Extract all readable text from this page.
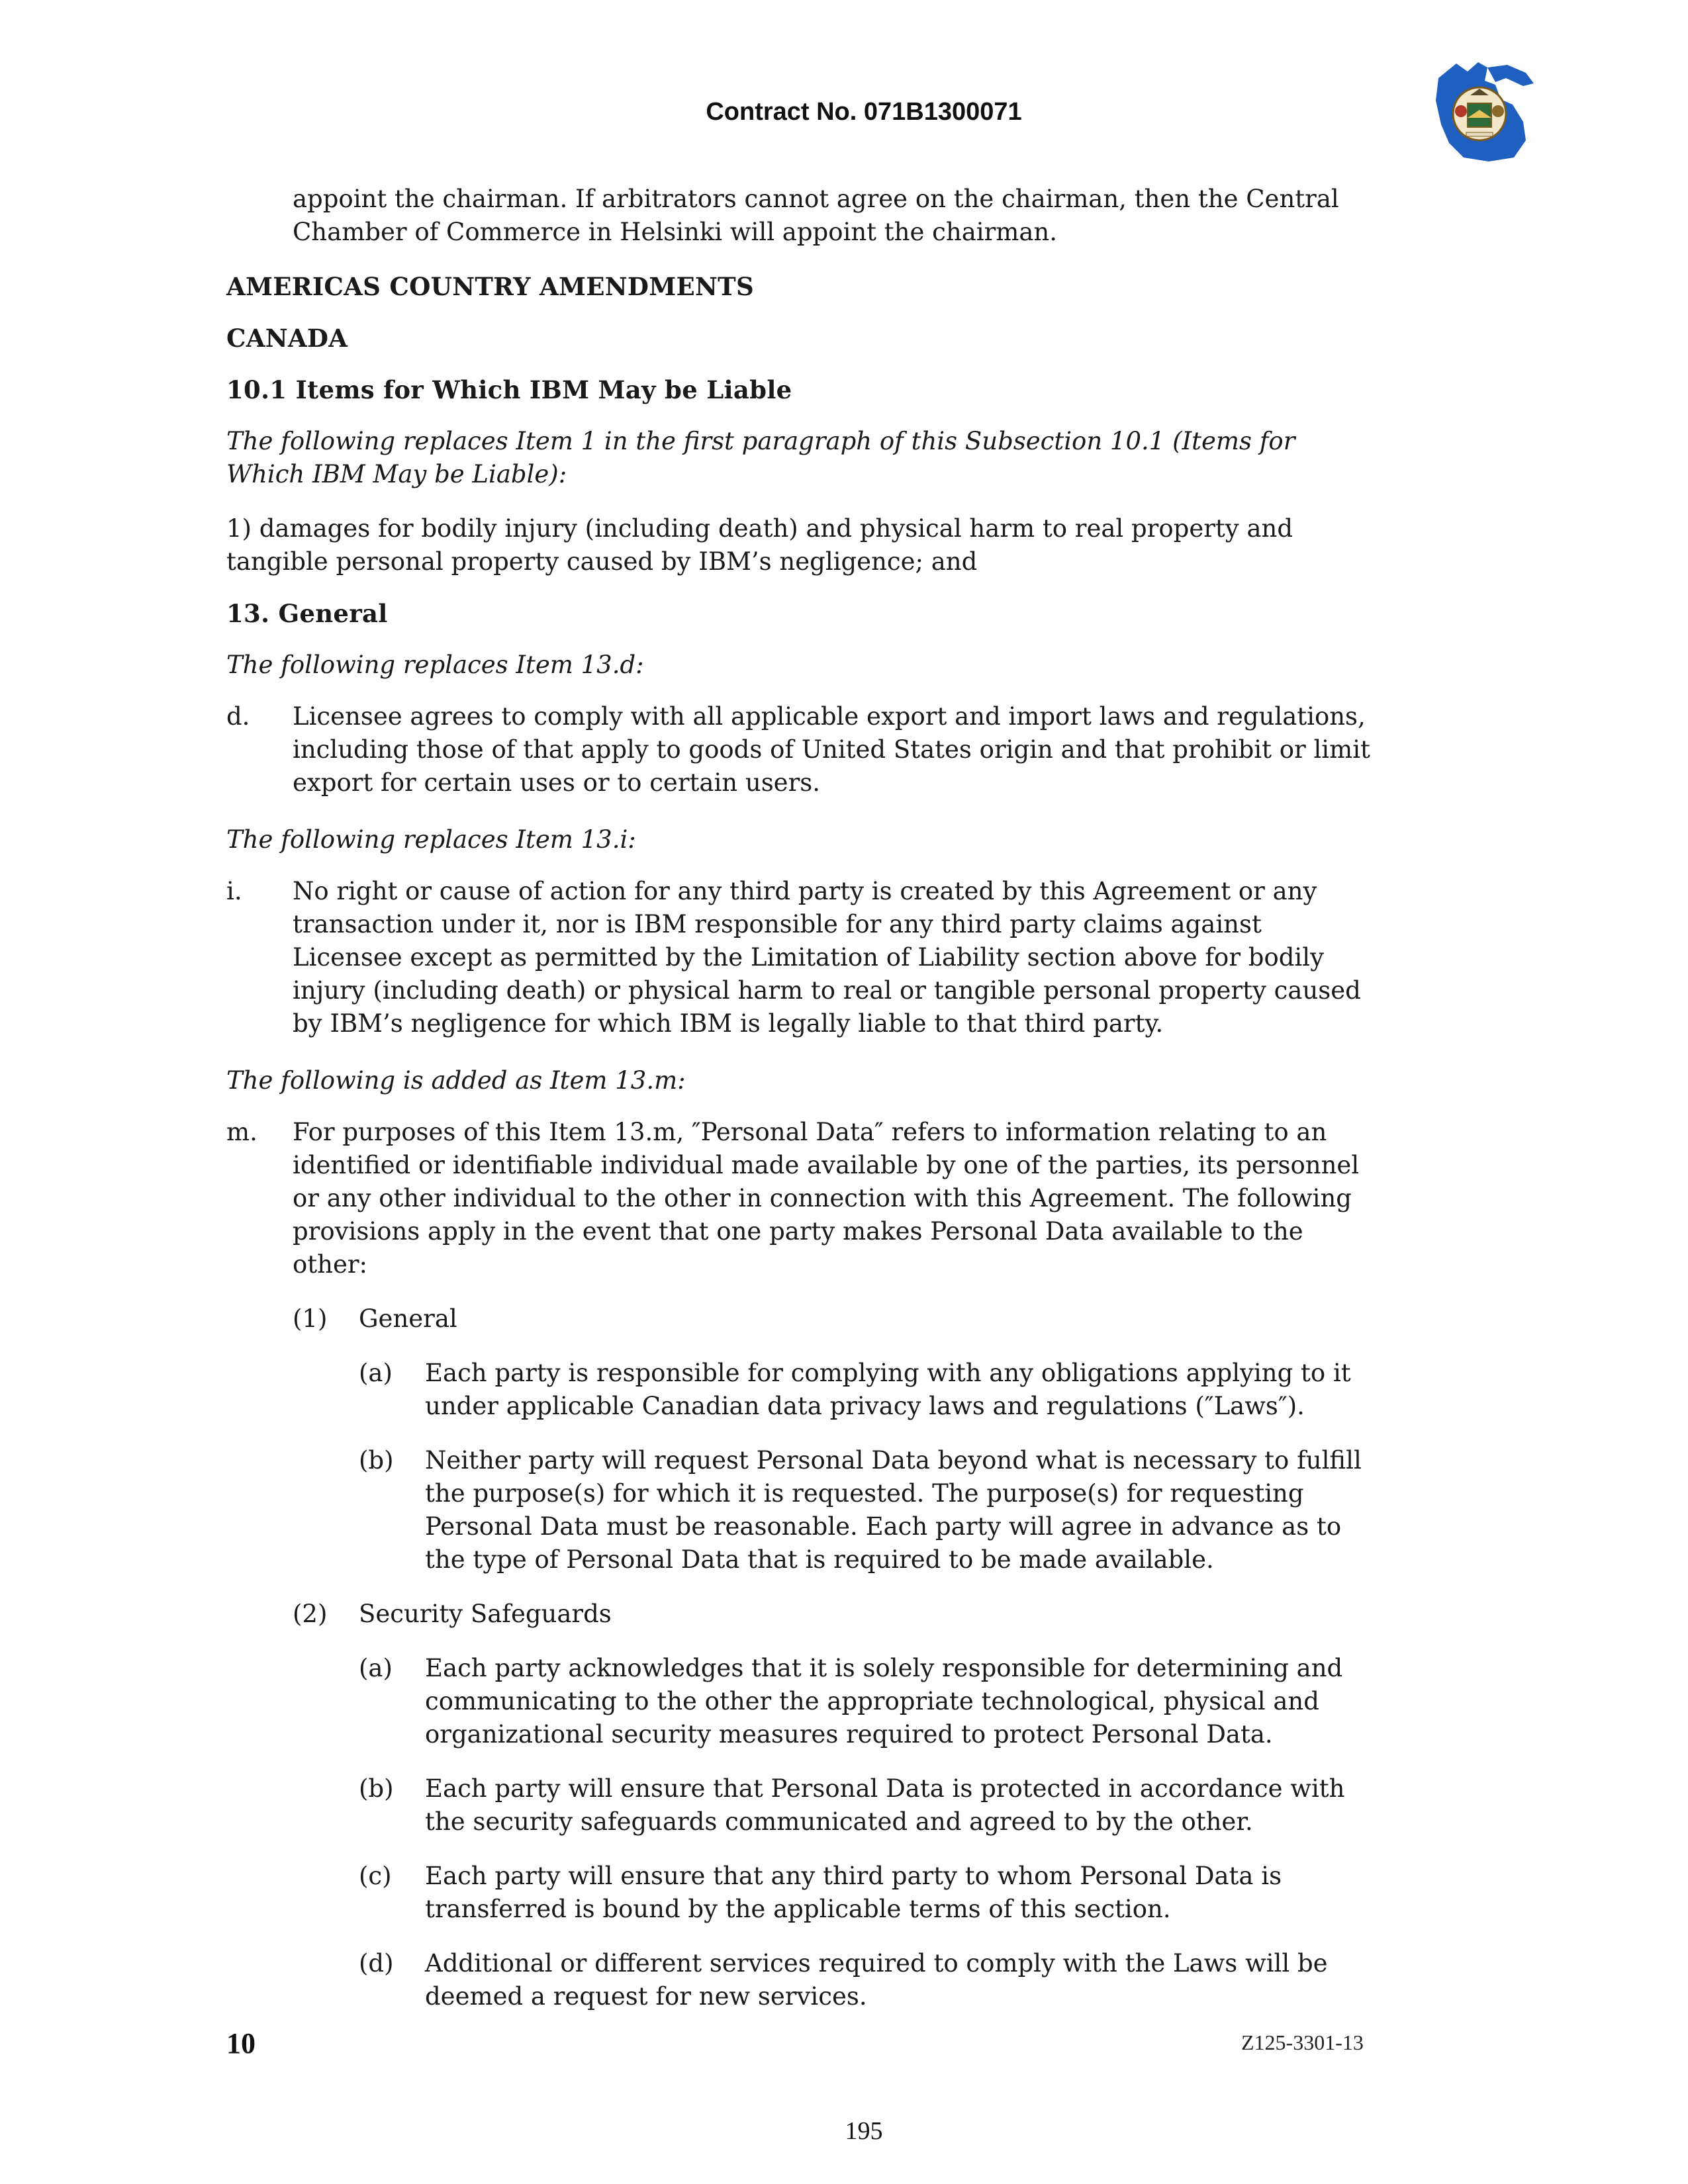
Contract No. 071B1300071

appoint the chairman. If arbitrators cannot agree on the chairman, then the Central Chamber of Commerce in Helsinki will appoint the chairman.

AMERICAS COUNTRY AMENDMENTS

CANADA

10.1 Items for Which IBM May be Liable

The following replaces Item 1 in the first paragraph of this Subsection 10.1 (Items for Which IBM May be Liable):

1) damages for bodily injury (including death) and physical harm to real property and tangible personal property caused by IBM’s negligence; and

13. General

The following replaces Item 13.d:

d. Licensee agrees to comply with all applicable export and import laws and regulations, including those of that apply to goods of United States origin and that prohibit or limit export for certain uses or to certain users.

The following replaces Item 13.i:

i. No right or cause of action for any third party is created by this Agreement or any transaction under it, nor is IBM responsible for any third party claims against Licensee except as permitted by the Limitation of Liability section above for bodily injury (including death) or physical harm to real or tangible personal property caused by IBM’s negligence for which IBM is legally liable to that third party.

The following is added as Item 13.m:

m. For purposes of this Item 13.m, ″Personal Data″ refers to information relating to an identified or identifiable individual made available by one of the parties, its personnel or any other individual to the other in connection with this Agreement. The following provisions apply in the event that one party makes Personal Data available to the other:
(1) General
(a) Each party is responsible for complying with any obligations applying to it under applicable Canadian data privacy laws and regulations (″Laws″).
(b) Neither party will request Personal Data beyond what is necessary to fulfill the purpose(s) for which it is requested. The purpose(s) for requesting Personal Data must be reasonable. Each party will agree in advance as to the type of Personal Data that is required to be made available.
(2) Security Safeguards
(a) Each party acknowledges that it is solely responsible for determining and communicating to the other the appropriate technological, physical and organizational security measures required to protect Personal Data.
(b) Each party will ensure that Personal Data is protected in accordance with the security safeguards communicated and agreed to by the other.
(c) Each party will ensure that any third party to whom Personal Data is transferred is bound by the applicable terms of this section.
(d) Additional or different services required to comply with the Laws will be deemed a request for new services.
10	Z125-3301-13
195
